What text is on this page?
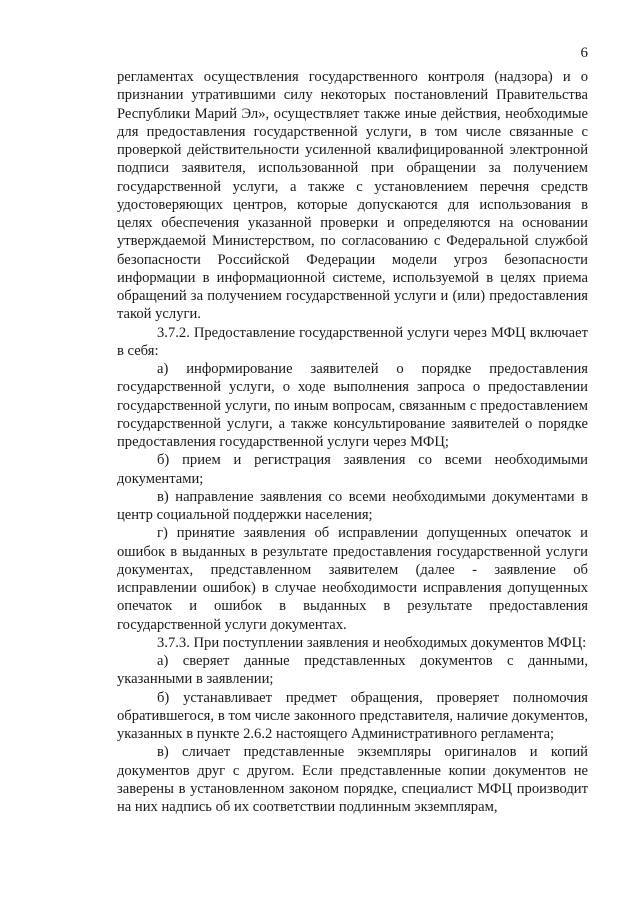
6

регламентах осуществления государственного контроля (надзора) и о признании утратившими силу некоторых постановлений Правительства Республики Марий Эл», осуществляет также иные действия, необходимые для предоставления государственной услуги, в том числе связанные с проверкой действительности усиленной квалифицированной электронной подписи заявителя, использованной при обращении за получением государственной услуги, а также с установлением перечня средств удостоверяющих центров, которые допускаются для использования в целях обеспечения указанной проверки и определяются на основании утверждаемой Министерством, по согласованию с Федеральной службой безопасности Российской Федерации модели угроз безопасности информации в информационной системе, используемой в целях приема обращений за получением государственной услуги и (или) предоставления такой услуги.

3.7.2. Предоставление государственной услуги через МФЦ включает в себя:

а) информирование заявителей о порядке предоставления государственной услуги, о ходе выполнения запроса о предоставлении государственной услуги, по иным вопросам, связанным с предоставлением государственной услуги, а также консультирование заявителей о порядке предоставления государственной услуги через МФЦ;

б) прием и регистрация заявления со всеми необходимыми документами;

в) направление заявления со всеми необходимыми документами в центр социальной поддержки населения;

г) принятие заявления об исправлении допущенных опечаток и ошибок в выданных в результате предоставления государственной услуги документах, представленном заявителем (далее - заявление об исправлении ошибок) в случае необходимости исправления допущенных опечаток и ошибок в выданных в результате предоставления государственной услуги документах.

3.7.3. При поступлении заявления и необходимых документов МФЦ:

а) сверяет данные представленных документов с данными, указанными в заявлении;

б) устанавливает предмет обращения, проверяет полномочия обратившегося, в том числе законного представителя, наличие документов, указанных в пункте 2.6.2 настоящего Административного регламента;

в) сличает представленные экземпляры оригиналов и копий документов друг с другом. Если представленные копии документов не заверены в установленном законом порядке, специалист МФЦ производит на них надпись об их соответствии подлинным экземплярам,
